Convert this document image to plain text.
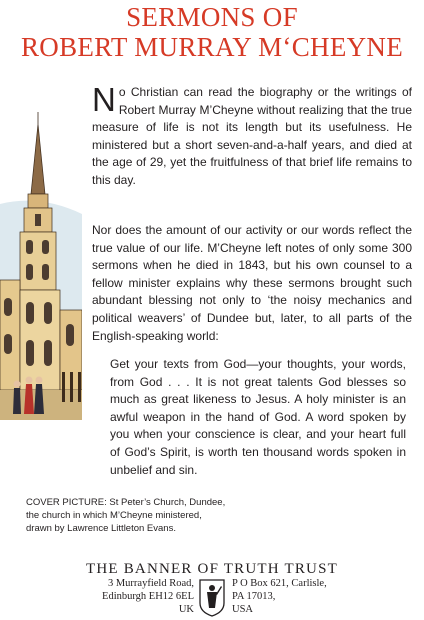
SERMONS OF
ROBERT MURRAY M‘CHEYNE

No Christian can read the biography or the writings of Robert Murray M’Cheyne without realizing that the true measure of life is not its length but its usefulness. He ministered but a short seven-and-a-half years, and died at the age of 29, yet the fruitfulness of that brief life remains to this day.

Nor does the amount of our activity or our words reflect the true value of our life. M’Cheyne left notes of only some 300 sermons when he died in 1843, but his own counsel to a fellow minister explains why these sermons brought such abundant blessing not only to ‘the noisy mechanics and political weavers’ of Dundee but, later, to all parts of the English-speaking world:

Get your texts from God—your thoughts, your words, from God . . . It is not great talents God blesses so much as great likeness to Jesus. A holy minister is an awful weapon in the hand of God. A word spoken by you when your conscience is clear, and your heart full of God’s Spirit, is worth ten thousand words spoken in unbelief and sin.

COVER PICTURE: St Peter’s Church, Dundee,
the church in which M’Cheyne ministered,
drawn by Lawrence Littleton Evans.
THE BANNER OF TRUTH TRUST
3 Murrayfield Road,
Edinburgh EH12 6EL
UK
P O Box 621, Carlisle,
PA 17013,
USA
